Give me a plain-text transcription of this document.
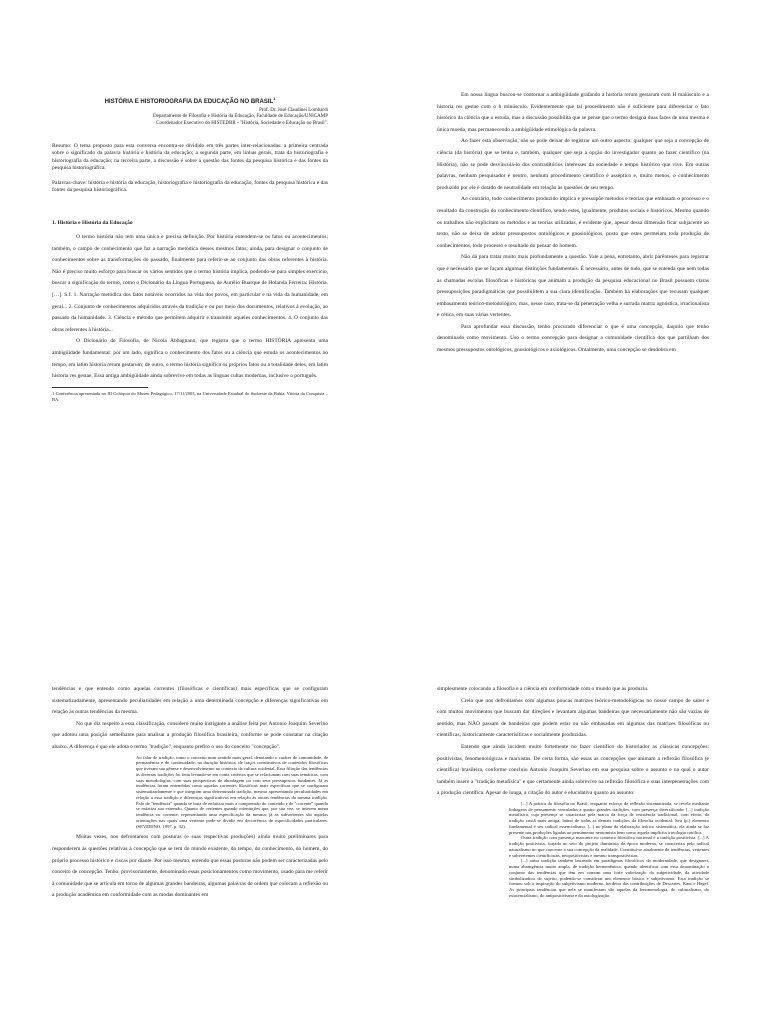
HISTÓRIA E HISTORIOGRAFIA DA EDUCAÇÃO NO BRASIL$^1$
Prof. Dr. José Claudinei Lombardi
Departamento de Filosofia e História da Educação, Faculdade de Educação/UNICAMP
Coordenador Executivo do HISTEDBR - "História, Sociedade e Educação no Brasil".

Resumo: O tema proposto para esta conversa encontra-se dividido em três partes inter-relacionadas: a primeira centrada sobre o significado da palavra história e história da educação; a segunda parte, em linhas gerais, trata da historiografia e historiografia da educação; na terceira parte, a discussão é sobre a questão das fontes da pesquisa histórica e das fontes da pesquisa historiográfica.

Palavras-chave: história e história da educação, historiografia e historiografia da educação, fontes da pesquisa histórica e das fontes da pesquisa historiográfica.

1. História e História da Educação

O termo história não tem uma única e precisa definição. Por história entendem-se os fatos ou acontecimentos; também, o campo de conhecimento que faz a narração metódica desses mesmos fatos; ainda, para designar o conjunto de conhecimentos sobre as transformações do passado, finalmente para referir-se ao conjunto das obras referentes à história. Não é preciso muito esforço para buscar os vários sentidos que o termo história implica, podendo-se para simples exercício, buscar a significação do termo, como o Dicionário da Língua Portuguesa, de Aurélio Buarque de Holanda Ferreira: História. […]. S.f. 1. Narração metódica dos fatos notáveis ocorridos na vida dos povos, em particular e na vida da humanidade, em geral... 2. Conjunto de conhecimentos adquiridos através da tradição e ou por meio dos documentos, relativos à evolução, ao passado da humanidade. 3. Ciência e método que permitem adquirir e transmitir aqueles conhecimentos. 4. O conjunto das obras referentes à história...

O Dicionário de Filosofia, de Nicola Abbagnano, que registra que o termo HISTÓRIA apresenta uma ambigüidade fundamental: por um lado, significa o conhecimento dos fatos ou a ciência que estuda os acontecimentos no tempo, em latim historia rerum gestarum; de outro, o termo história significa os próprios fatos ou a totalidade deles, em latim historia res gestae. Essa antiga ambigüidade ainda sobrevive em todas as línguas cultas modernas, inclusive o português.

1 Conferência apresentada no III Colóquio do Museu Pedagógico, 17/11/2003, na Universidade Estadual do Sudoeste da Bahia, Vitória da Conquista – BA.

Em nossa língua buscou-se contornar a ambigüidade grafando a historia rerum gestarum com H maiúsculo e a historia res gestae com o h minúsculo. Evidentemente que tal procedimento não é suficiente para diferenciar o fato histórico da ciência que o estuda, mas a discussão possibilita que se pense que o termo designa duas faces de uma mesma e única moeda, mas permanecendo a ambigüidade etimológica da palavra.

Ao fazer esta observação, não se pode deixar de registrar um outro aspecto: qualquer que seja a concepção de ciência (da história) que se tenha e, também, qualquer que seja a opção do investigador quanto ao fazer científico (na História), não se pode desvinculá-lo dos contraditórios interesses da sociedade e tempo histórico que vive. Em outras palavras, nenhum pesquisador é neutro, nenhum procedimento científico é asséptico e, muito menos, o conhecimento produzido por ele é dotado de neutralidade em relação às questões de seu tempo.

Ao contrário, todo conhecimento produzido implica e pressupõe métodos e teorias que embasam o processo e o resultado da construção do conhecimento científico, sendo estes, igualmente, produtos sociais e históricos. Mesmo quando os trabalhos não explicitam os métodos e as teorias utilizadas, é evidente que, apesar dessa dimensão ficar subjacente ao texto, não se deixa de adotar pressupostos ontológicos e gnosiológicos, posto que estes permeiam toda produção de conhecimentos, todo processo e resultado do pensar do homem.

Não dá para tratar muito mais profundamente a questão. Vale a pena, entretanto, abrir parênteses para registrar que é necessário que se façam algumas distinções fundamentais. É necessário, antes de tudo, que se entenda que nem todas as chamadas escolas filosóficas e históricas que animam a produção da pesquisa educacional no Brasil possuem claras pressuposições paradigmáticas que possibilitem a sua clara identificação. Também há elaborações que recusam qualquer embasamento teórico-metodológico, mas, nesse caso, trata-se da penetração velha e surrada matriz agnóstica, irracionalista e cética, em suas várias vertentes.

Para aprofundar essa discussão, tenho procurado diferenciar o que é uma concepção, daquilo que tenho denominado como movimento. Uso o termo concepção para designar a comunidade científica dos que partilham dos mesmos pressupostos ontológicos, gnosiológicos e axiológicos. Ontalmente, uma concepção se desdobra em

tendências e que entendo como aquelas correntes (filosóficas e científicas) mais específicas que se configuram sistematizadamente, apresentando peculiaridades em relação a uma determinada concepção e diferenças significativas em relação às outras tendências da mesma.

No que diz respeito a essa classificação, considero muito instigante a análise feita por Antonio Joaquim Severino que adotou uma posição semelhante para analisar a produção filosófica brasileira, conforme se pode constatar na citação abaixo. A diferença é que ele adota o termo "tradição", enquanto prefiro o uso do conceito "concepção".

Ao falar de tradição, tomo o conceito num sentido mais geral, denotando o caráter de comunidade, de permanência e de continuidade, na duração histórica, de traços constitutivos de conteúdos filosóficos que tiveram sua gênese e desenvolvimento no contexto da cultura ocidental. Essa filiação das tendências às diversas tradições foi feita levando-se em conta critérios que se relacionam com suas temáticas, com suas metodologias, com suas perspectivas de abordagem ou com seus pressupostos fundantes. Já as tendências foram entendidas como aquelas correntes filosóficas mais específicas que se configuram sistematizadamente e que integram uma determinada tradição, mesmo apresentando peculiaridades em relação a essa tradição e diferenças significativas em relação às outras tendências da mesma tradição. Falo de "tendência" quando se trata de enfatizar mais a comprensão do conteúdo e de "corrente" quando se enfatiza sua extensão. Quanto de vertentes quando orientações que, por sua vez, se inserem numa tendência ou corrente, representando uma especificação da mesma; já as subvertentes são aquelas orientações nas quais uma vertente pode-se dividir em decorrência de especificidades particulares. (SEVERINO, 1997, p. 32).

Muitas vezes, nos defrontamos com posturas (e suas respectivas produções) ainda muito preliminares para responderem às questões relativas à concepção que se tem do mundo existente, do tempo, do conhecimento, do homem, do próprio processo histórico e ciscas por diante. Por isso mesmo, entendo que essas posturas não podem ser caracterizadas pelo conceito de concepção. Tenho, provisoriamente, denominado essas posicionamentos como movimento, usado para me referir à comunidade que se articula em torno de algumas grandes bandeiras, algumas palavras de ordem que colocam a reflexão ou a produção acadêmica em conformidade com as modas dominantes em

simplesmente colocando a filosofia e a ciência em conformidade com o mundo que as produziu.

Creio que nos defrontamos com algumas poucas matrizes teórico-metodológicas no nosso campo de saber e com muitos movimentos que buscam dar direções e levantam algumas bandeiras que necessariamente não são vazias de sentido, mas NÃO passam de bandeiras que podem estar ou não embasadas em algumas das matrizes filosóficas ou científicas, historicamente caracterísiticas e socialmente produzidas.

Entendo que ainda incidem muito fortemente no fazer científico do historiador as clássicas concepções: positivistas, fenomenológicas e marxistas. De certa forma, são essas as concepções que animam a reflexão filosófica (e científica) brasileira, conforme concluiu Antonio Joaquim Severino em sua pesquisa sobre o assunto e na qual o autor também insere a "tradição metafísica" e que certamente ainda sobrevive na reflexão filosófica e suas interpenetrações com a produção científica. Apesar de longa, a citação do autor é elucidativa quanto ao assunto:

[...] A prática da filosofia no Brasil, enquanto esforço de reflexão sistematizada, se revela mediante linhagens de pensamento vinculadas a quatro grandes tradições, com presença diversificada: [...] tradição metafísica, cuja presença se caracteriza pela marca da força de resistência tradicional, com efeito, da tradição cristã mais antiga, latino de todas as demais tradições da filosofia ocidental. Seu (p.) elemento fundamental é seu radical essencialismo. [...] no plano da elaboração teórico sistemática, ela ainda se faz presente nas produções ligadas ao pensamento neotomista bem como aquela implícita à teologia católica.

Outra tradição com presença marcante no contexto filosófico nacional é a tradição positivista. [...] A tradição positivista, forjada no seio do projeto iluminista da época moderna, se caracteriza pelo radical naturalismo no que concerne a sua concepção da realidade. Constitui-se atualmente de tendências, vertentes e subvertentes cientificistas, neopositivistas e mesmo transpositivistas.

[...] outra tradição também lastreada em paradigmas filosóficos da modernidade, que designarei, numa abrangência muito ampla, de tradição hermenêutica, quando identificar com essa denominação o conjunto das tendências que têm em comum uma forte valorização da subjetividade, da atividade simbolizadora do sujeito, podendo-se considerar um elemento básico e subjetivismo. Esta tradição se formou sob a inspiração do subjetivismo moderno, herdeira das contribuições de Descartes, Kant e Hegel. As principais tendências que nela se manifestam são aquelas da fenomenologia, do culturalismo, do existencialismo, do antipositivismo e da axiologização.
